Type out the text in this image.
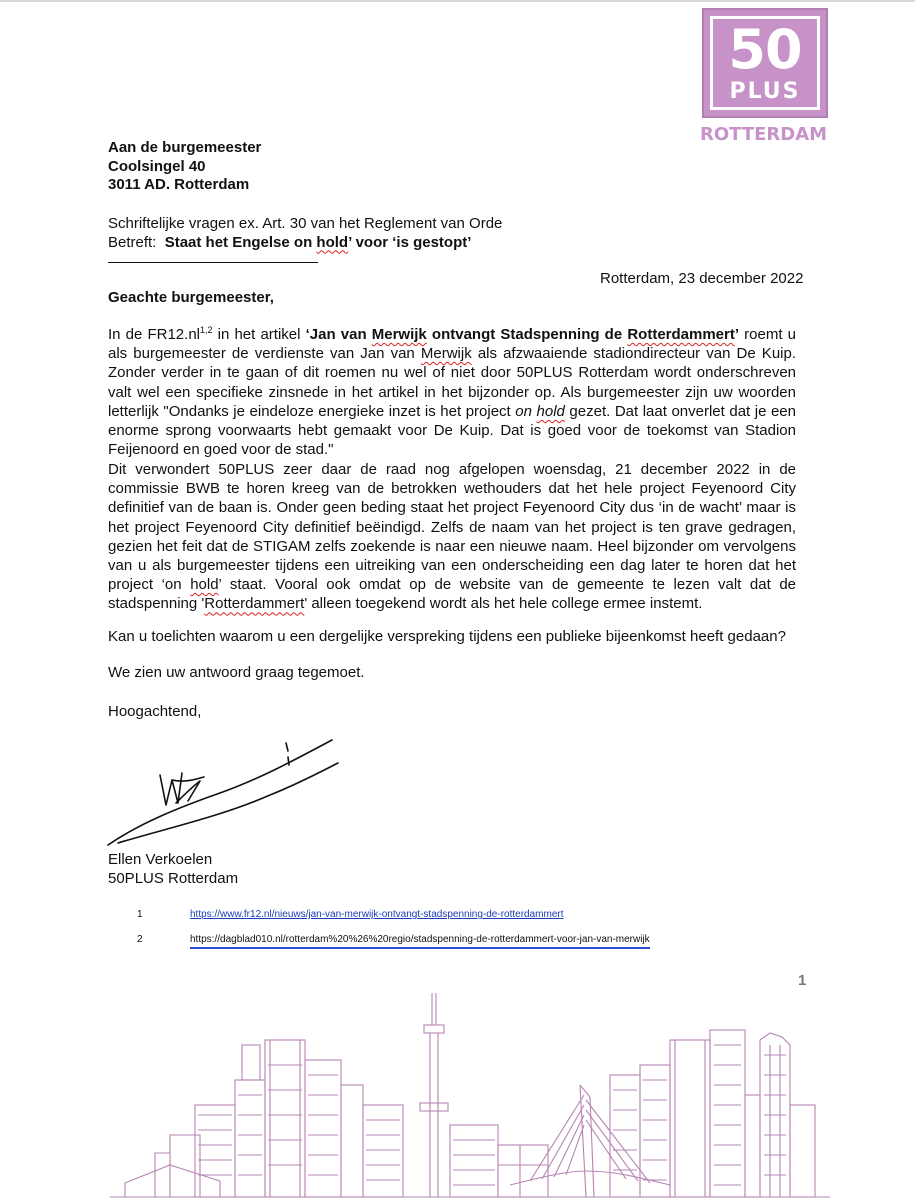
50
PLUS
ROTTERDAM
Aan de burgemeester
Coolsingel 40
3011 AD. Rotterdam
Schriftelijke vragen ex. Art. 30 van het Reglement van Orde
Betreft: Staat het Engelse on hold’ voor ‘is gestopt’
Rotterdam, 23 december 2022
Geachte burgemeester,
In de FR12.nl$^{1,2}$ in het artikel ‘Jan van Merwijk ontvangt Stadspenning de Rotterdammert’ roemt u als burgemeester de verdienste van Jan van Merwijk als afzwaaiende stadiondirecteur van De Kuip. Zonder verder in te gaan of dit roemen nu wel of niet door 50PLUS Rotterdam wordt onderschreven valt wel een specifieke zinsnede in het artikel in het bijzonder op. Als burgemeester zijn uw woorden letterlijk "Ondanks je eindeloze energieke inzet is het project on hold gezet. Dat laat onverlet dat je een enorme sprong voorwaarts hebt gemaakt voor De Kuip. Dat is goed voor de toekomst van Stadion Feijenoord en goed voor de stad."
Dit verwondert 50PLUS zeer daar de raad nog afgelopen woensdag, 21 december 2022 in de commissie BWB te horen kreeg van de betrokken wethouders dat het hele project Feyenoord City definitief van de baan is. Onder geen beding staat het project Feyenoord City dus ‘in de wacht’ maar is het project Feyenoord City definitief beëindigd. Zelfs de naam van het project is ten grave gedragen, gezien het feit dat de STIGAM zelfs zoekende is naar een nieuwe naam. Heel bijzonder om vervolgens van u als burgemeester tijdens een uitreiking van een onderscheiding een dag later te horen dat het project ‘on hold’ staat. Vooral ook omdat op de website van de gemeente te lezen valt dat de stadspenning 'Rotterdammert' alleen toegekend wordt als het hele college ermee instemt.
Kan u toelichten waarom u een dergelijke verspreking tijdens een publieke bijeenkomst heeft gedaan?
We zien uw antwoord graag tegemoet.
Hoogachtend,
Ellen Verkoelen
50PLUS Rotterdam
1	https://www.fr12.nl/nieuws/jan-van-merwijk-ontvangt-stadspenning-de-rotterdammert
2	https://dagblad010.nl/rotterdam%20%26%20regio/stadspenning-de-rotterdammert-voor-jan-van-merwijk
1
